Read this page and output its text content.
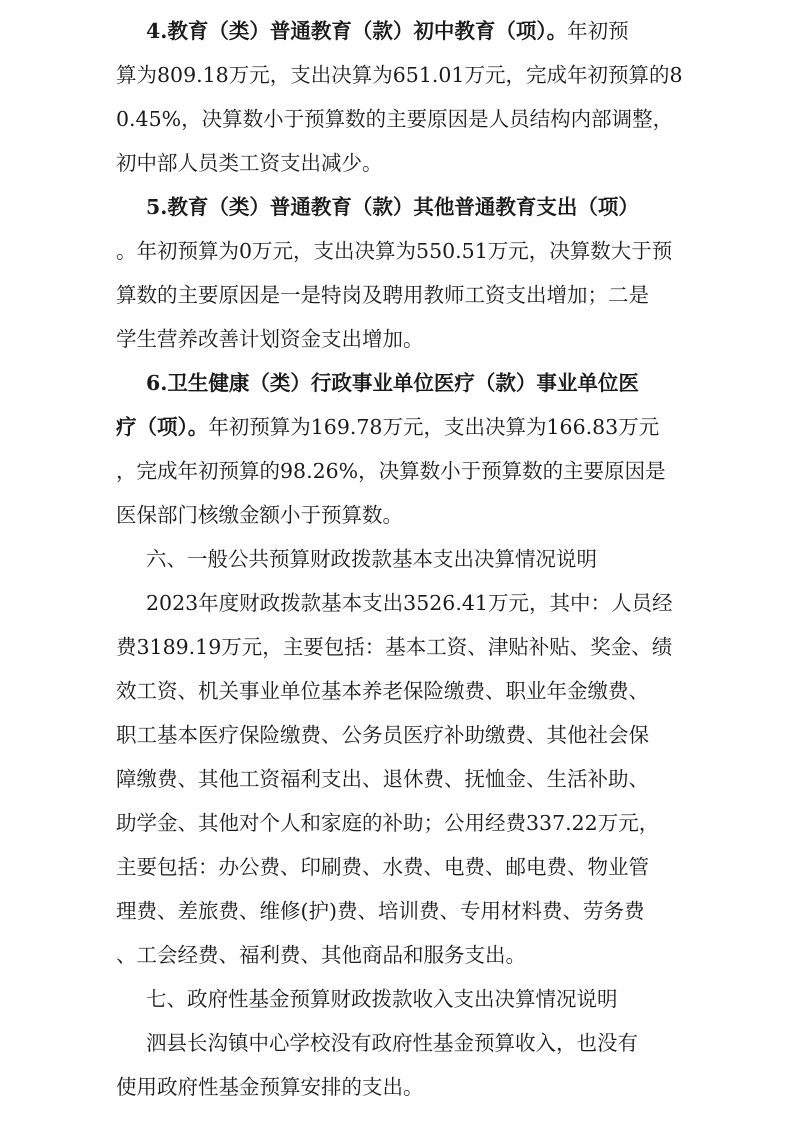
4.教育（类）普通教育（款）初中教育（项）。年初预
算为809.18万元，支出决算为651.01万元，完成年初预算的8
0.45%，决算数小于预算数的主要原因是人员结构内部调整，
初中部人员类工资支出减少。
5.教育（类）普通教育（款）其他普通教育支出（项）
。年初预算为0万元，支出决算为550.51万元，决算数大于预
算数的主要原因是一是特岗及聘用教师工资支出增加；二是
学生营养改善计划资金支出增加。
6.卫生健康（类）行政事业单位医疗（款）事业单位医
疗（项）。年初预算为169.78万元，支出决算为166.83万元
，完成年初预算的98.26%，决算数小于预算数的主要原因是
医保部门核缴金额小于预算数。
六、一般公共预算财政拨款基本支出决算情况说明
2023年度财政拨款基本支出3526.41万元，其中：人员经
费3189.19万元，主要包括：基本工资、津贴补贴、奖金、绩
效工资、机关事业单位基本养老保险缴费、职业年金缴费、
职工基本医疗保险缴费、公务员医疗补助缴费、其他社会保
障缴费、其他工资福利支出、退休费、抚恤金、生活补助、
助学金、其他对个人和家庭的补助；公用经费337.22万元，
主要包括：办公费、印刷费、水费、电费、邮电费、物业管
理费、差旅费、维修(护)费、培训费、专用材料费、劳务费
、工会经费、福利费、其他商品和服务支出。
七、政府性基金预算财政拨款收入支出决算情况说明
泗县长沟镇中心学校没有政府性基金预算收入，也没有
使用政府性基金预算安排的支出。
